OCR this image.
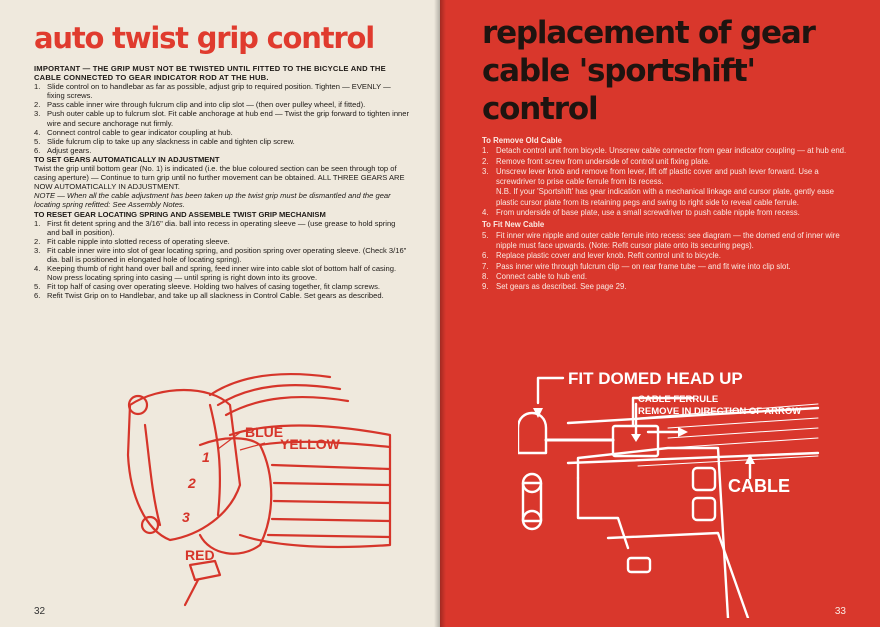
auto twist grip control

IMPORTANT — THE GRIP MUST NOT BE TWISTED UNTIL FITTED TO THE BICYCLE AND THE CABLE CONNECTED TO GEAR INDICATOR ROD AT THE HUB.

1. Slide control on to handlebar as far as possible, adjust grip to required position. Tighten — EVENLY — fixing screws.
2. Pass cable inner wire through fulcrum clip and into clip slot — (then over pulley wheel, if fitted).
3. Push outer cable up to fulcrum slot. Fit cable anchorage at hub end — Twist the grip forward to tighten inner wire and secure anchorage nut firmly.
4. Connect control cable to gear indicator coupling at hub.
5. Slide fulcrum clip to take up any slackness in cable and tighten clip screw.
6. Adjust gears.

TO SET GEARS AUTOMATICALLY IN ADJUSTMENT

Twist the grip until bottom gear (No. 1) is indicated (i.e. the blue coloured section can be seen through top of casing aperture) — Continue to turn grip until no further movement can be obtained. ALL THREE GEARS ARE NOW AUTOMATICALLY IN ADJUSTMENT.

NOTE — When all the cable adjustment has been taken up the twist grip must be dismantled and the gear locating spring refitted: See Assembly Notes.

TO RESET GEAR LOCATING SPRING AND ASSEMBLE TWIST GRIP MECHANISM

1. First fit detent spring and the 3/16" dia. ball into recess in operating sleeve — (use grease to hold spring and ball in position).
2. Fit cable nipple into slotted recess of operating sleeve.
3. Fit cable inner wire into slot of gear locating spring, and position spring over operating sleeve. (Check 3/16" dia. ball is positioned in elongated hole of locating spring).
4. Keeping thumb of right hand over ball and spring, feed inner wire into cable slot of bottom half of casing. Now press locating spring into casing — until spring is right down into its groove.
5. Fit top half of casing over operating sleeve. Holding two halves of casing together, fit clamp screws.
6. Refit Twist Grip on to Handlebar, and take up all slackness in Control Cable. Set gears as described.
1
2
3
BLUE
YELLOW
RED
32
replacement of gear
cable 'sportshift'
control
To Remove Old Cable
1. Detach control unit from bicycle. Unscrew cable connector from gear indicator coupling — at hub end.
2. Remove front screw from underside of control unit fixing plate.
3. Unscrew lever knob and remove from lever, lift off plastic cover and push lever forward. Use a screwdriver to prise cable ferrule from its recess.
N.B. If your 'Sportshift' has gear indication with a mechanical linkage and cursor plate, gently ease plastic cursor plate from its retaining pegs and swing to right side to reveal cable ferrule.
4. From underside of base plate, use a small screwdriver to push cable nipple from recess.
To Fit New Cable
5. Fit inner wire nipple and outer cable ferrule into recess: see diagram — the domed end of inner wire nipple must face upwards. (Note: Refit cursor plate onto its securing pegs).
6. Replace plastic cover and lever knob. Refit control unit to bicycle.
7. Pass inner wire through fulcrum clip — on rear frame tube — and fit wire into clip slot.
8. Connect cable to hub end.
9. Set gears as described. See page 29.
FIT DOMED HEAD UP
CABLE FERRULE
REMOVE IN DIRECTION OF ARROW
CABLE
33
